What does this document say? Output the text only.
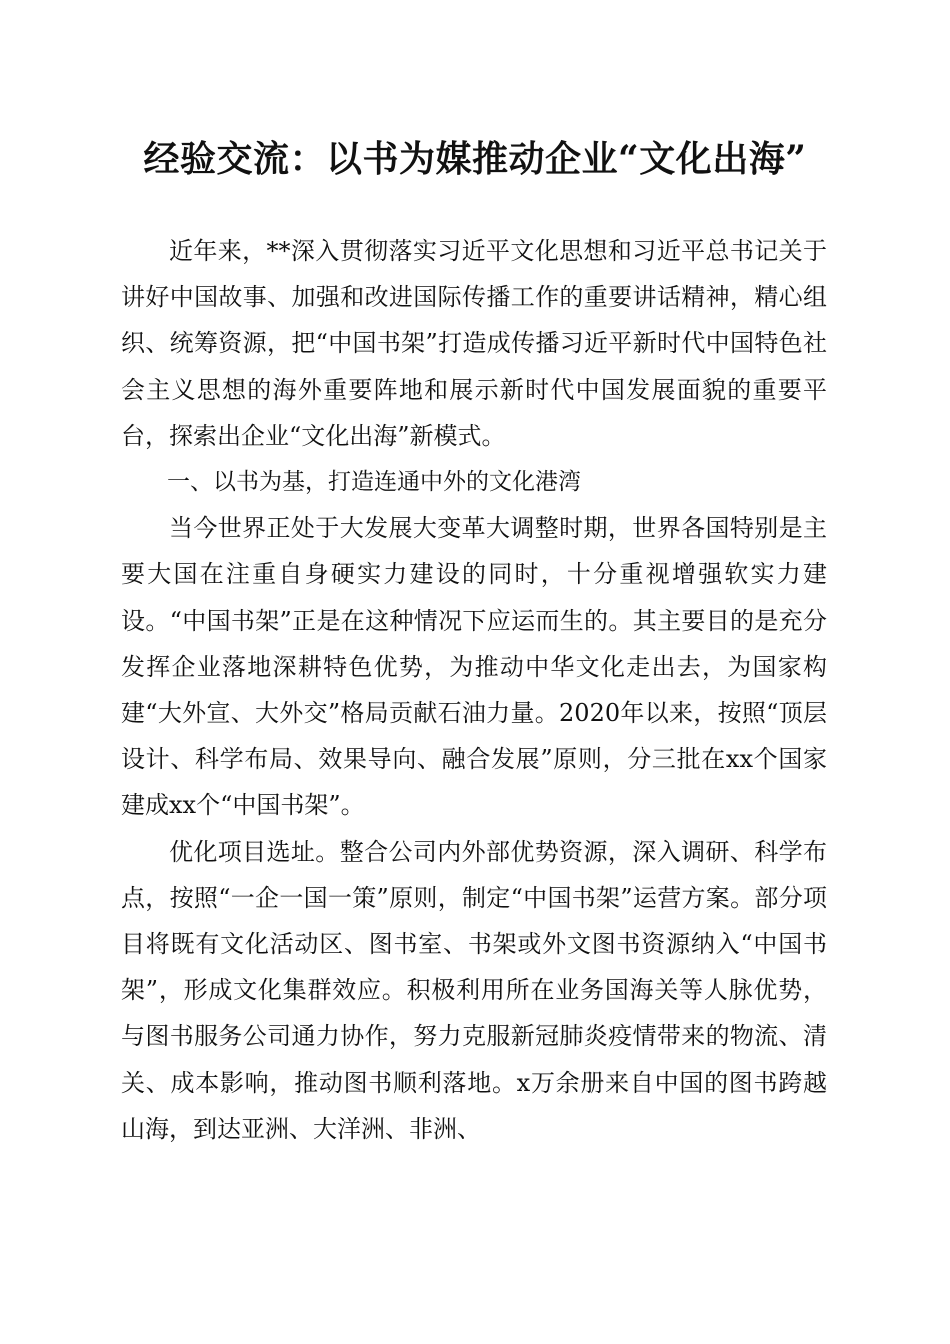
经验交流：以书为媒推动企业“文化出海”

近年来，**深入贯彻落实习近平文化思想和习近平总书记关于讲好中国故事、加强和改进国际传播工作的重要讲话精神，精心组织、统筹资源，把“中国书架”打造成传播习近平新时代中国特色社会主义思想的海外重要阵地和展示新时代中国发展面貌的重要平台，探索出企业“文化出海”新模式。

一、以书为基，打造连通中外的文化港湾

当今世界正处于大发展大变革大调整时期，世界各国特别是主要大国在注重自身硬实力建设的同时，十分重视增强软实力建设。“中国书架”正是在这种情况下应运而生的。其主要目的是充分发挥企业落地深耕特色优势，为推动中华文化走出去，为国家构建“大外宣、大外交”格局贡献石油力量。2020年以来，按照“顶层设计、科学布局、效果导向、融合发展”原则，分三批在xx个国家建成xx个“中国书架”。

优化项目选址。整合公司内外部优势资源，深入调研、科学布点，按照“一企一国一策”原则，制定“中国书架”运营方案。部分项目将既有文化活动区、图书室、书架或外文图书资源纳入“中国书架”，形成文化集群效应。积极利用所在业务国海关等人脉优势，与图书服务公司通力协作，努力克服新冠肺炎疫情带来的物流、清关、成本影响，推动图书顺利落地。x万余册来自中国的图书跨越山海，到达亚洲、大洋洲、非洲、
